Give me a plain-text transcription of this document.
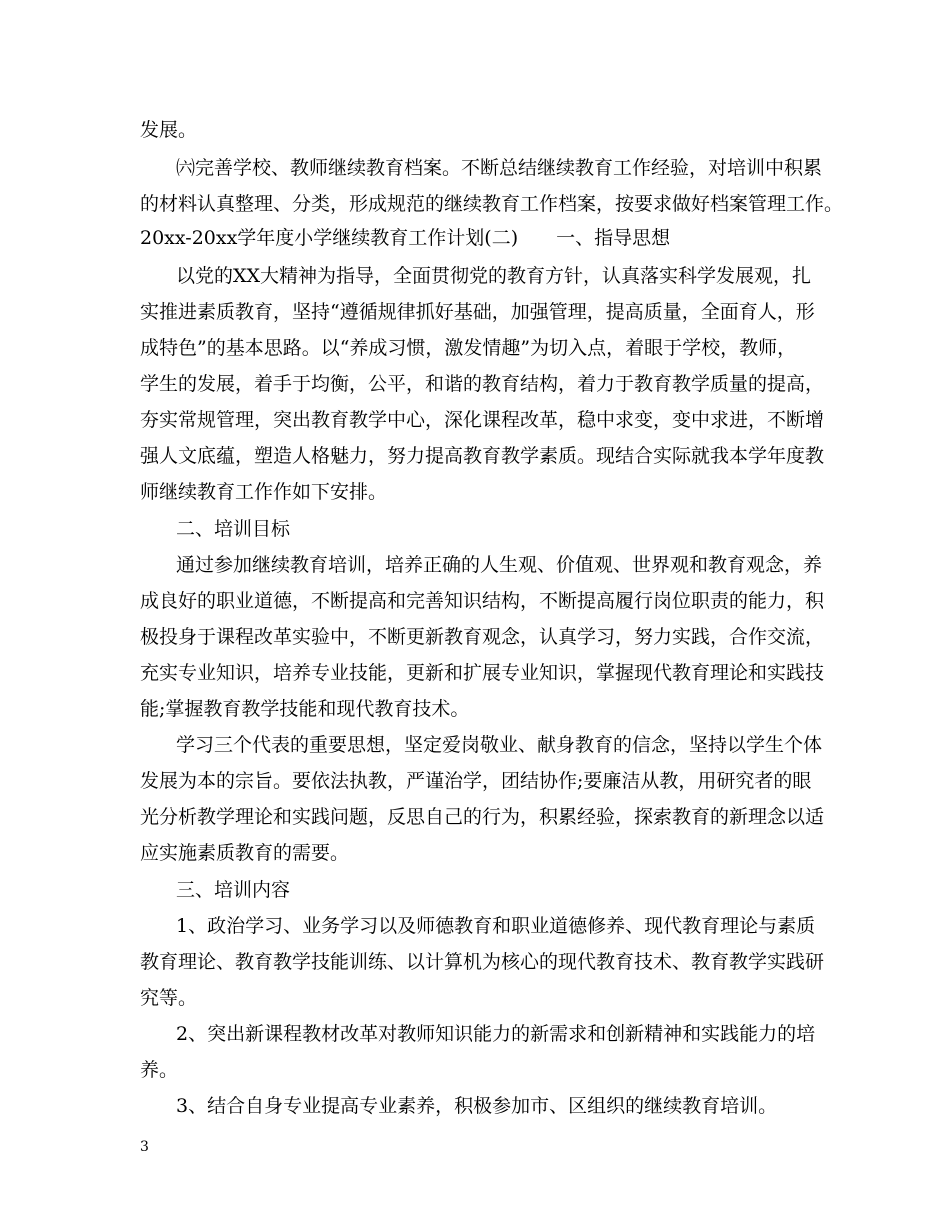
发展。
㈥完善学校、教师继续教育档案。不断总结继续教育工作经验，对培训中积累
的材料认真整理、分类，形成规范的继续教育工作档案，按要求做好档案管理工作。
20xx-20xx学年度小学继续教育工作计划(二)　　一、指导思想
以党的XX大精神为指导，全面贯彻党的教育方针，认真落实科学发展观，扎
实推进素质教育，坚持“遵循规律抓好基础，加强管理，提高质量，全面育人，形
成特色”的基本思路。以“养成习惯，激发情趣”为切入点，着眼于学校，教师，
学生的发展，着手于均衡，公平，和谐的教育结构，着力于教育教学质量的提高，
夯实常规管理，突出教育教学中心，深化课程改革，稳中求变，变中求进，不断增
强人文底蕴，塑造人格魅力，努力提高教育教学素质。现结合实际就我本学年度教
师继续教育工作作如下安排。
二、培训目标
通过参加继续教育培训，培养正确的人生观、价值观、世界观和教育观念，养
成良好的职业道德，不断提高和完善知识结构，不断提高履行岗位职责的能力，积
极投身于课程改革实验中，不断更新教育观念，认真学习，努力实践，合作交流，
充实专业知识，培养专业技能，更新和扩展专业知识，掌握现代教育理论和实践技
能;掌握教育教学技能和现代教育技术。
学习三个代表的重要思想，坚定爱岗敬业、献身教育的信念，坚持以学生个体
发展为本的宗旨。要依法执教，严谨治学，团结协作;要廉洁从教，用研究者的眼
光分析教学理论和实践问题，反思自己的行为，积累经验，探索教育的新理念以适
应实施素质教育的需要。
三、培训内容
1、政治学习、业务学习以及师德教育和职业道德修养、现代教育理论与素质
教育理论、教育教学技能训练、以计算机为核心的现代教育技术、教育教学实践研
究等。
2、突出新课程教材改革对教师知识能力的新需求和创新精神和实践能力的培
养。
3、结合自身专业提高专业素养，积极参加市、区组织的继续教育培训。
3
